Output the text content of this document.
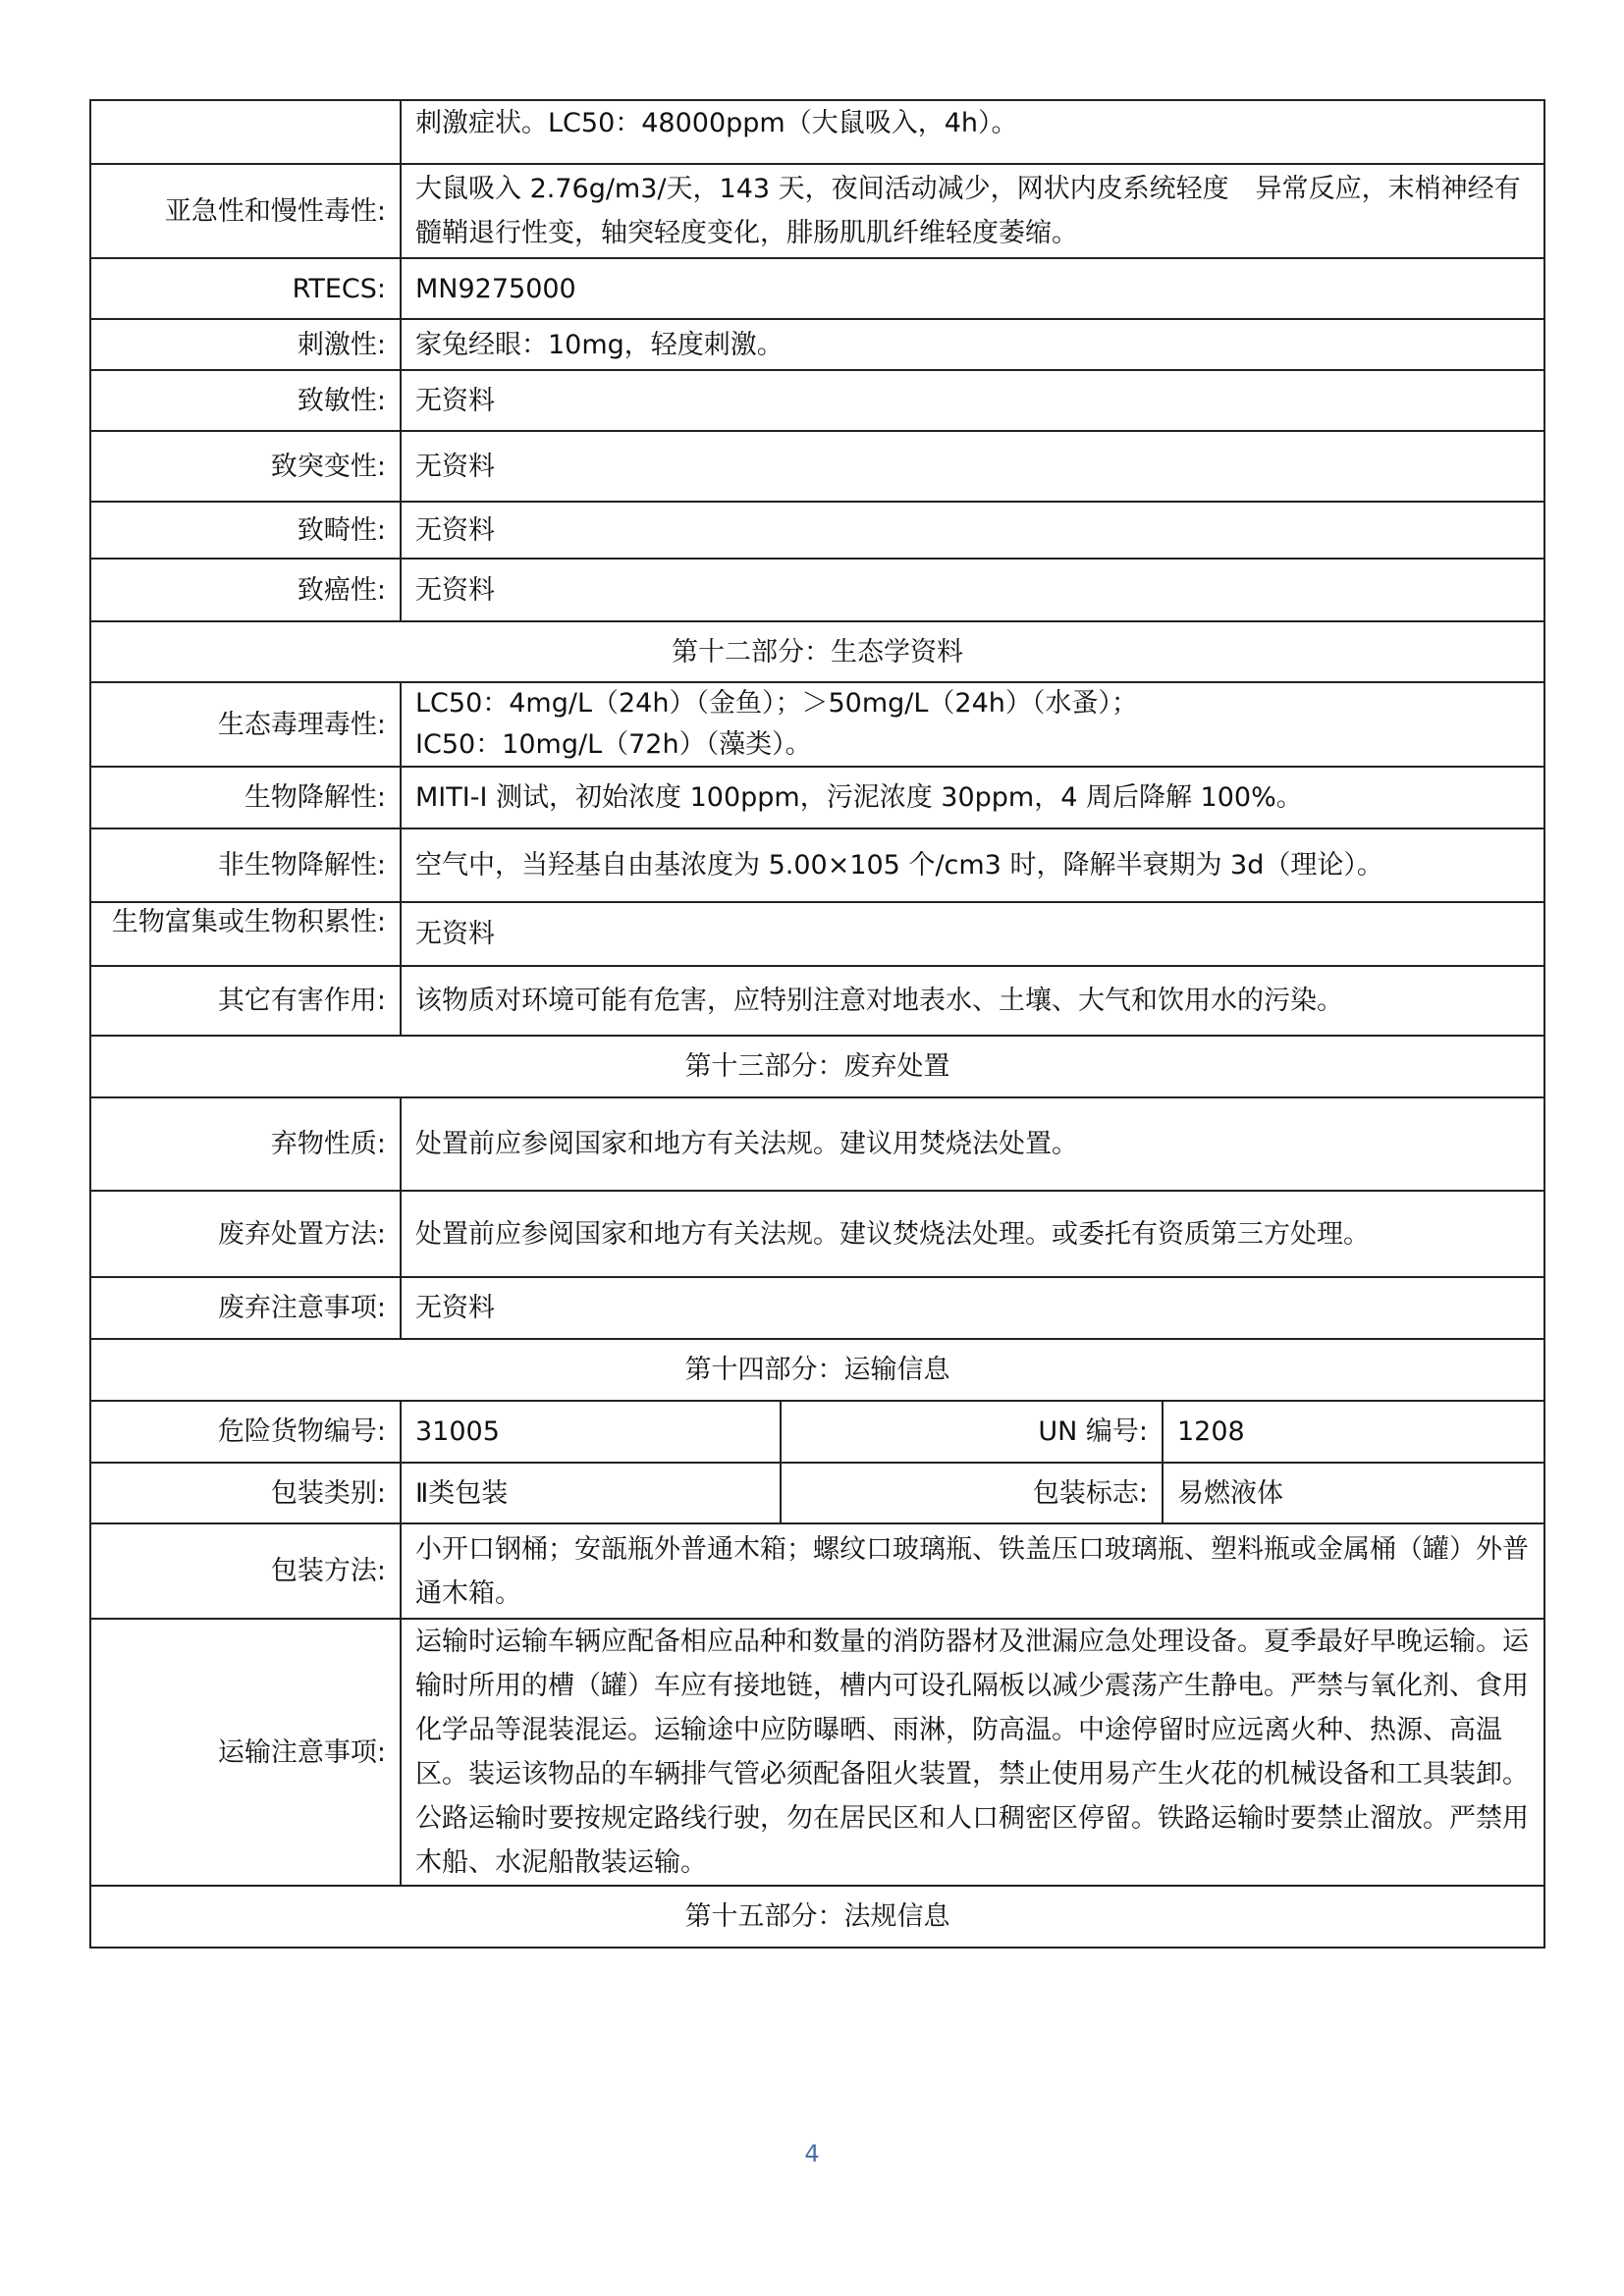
	刺激症状。LC50：48000ppm（大鼠吸入，4h）。		
亚急性和慢性毒性:	大鼠吸入 2.76g/m3/天，143 天，夜间活动减少，网状内皮系统轻度　异常反应，末梢神经有髓鞘退行性变，轴突轻度变化，腓肠肌肌纤维轻度萎缩。		
RTECS:	MN9275000		
刺激性:	家兔经眼：10mg，轻度刺激。		
致敏性:	无资料		
致突变性:	无资料		
致畸性:	无资料		
致癌性:	无资料		
第十二部分：生态学资料			
生态毒理毒性:	LC50：4mg/L（24h）（金鱼）；＞50mg/L（24h）（水蚤）；
IC50：10mg/L（72h）（藻类）。		

生物降解性:	MITI-I 测试，初始浓度 100ppm，污泥浓度 30ppm，4 周后降解 100%。		
非生物降解性:	空气中，当羟基自由基浓度为 5.00×105 个/cm3 时，降解半衰期为 3d（理论）。		

生物富集或生物积累性:	无资料		
其它有害作用:	该物质对环境可能有危害，应特别注意对地表水、土壤、大气和饮用水的污染。		
第十三部分：废弃处置			
弃物性质:	处置前应参阅国家和地方有关法规。建议用焚烧法处置。		
废弃处置方法:	处置前应参阅国家和地方有关法规。建议焚烧法处理。或委托有资质第三方处理。		
废弃注意事项:	无资料		
第十四部分：运输信息			
危险货物编号:	31005	UN 编号:	1208
包装类别:	Ⅱ类包装	包装标志:	易燃液体
包装方法:	小开口钢桶；安瓿瓶外普通木箱；螺纹口玻璃瓶、铁盖压口玻璃瓶、塑料瓶或金属桶（罐）外普通木箱。		
运输注意事项:	运输时运输车辆应配备相应品种和数量的消防器材及泄漏应急处理设备。夏季最好早晚运输。运输时所用的槽（罐）车应有接地链，槽内可设孔隔板以减少震荡产生静电。严禁与氧化剂、食用化学品等混装混运。运输途中应防曝晒、雨淋，防高温。中途停留时应远离火种、热源、高温区。装运该物品的车辆排气管必须配备阻火装置，禁止使用易产生火花的机械设备和工具装卸。公路运输时要按规定路线行驶，勿在居民区和人口稠密区停留。铁路运输时要禁止溜放。严禁用木船、水泥船散装运输。		
第十五部分：法规信息			
4
